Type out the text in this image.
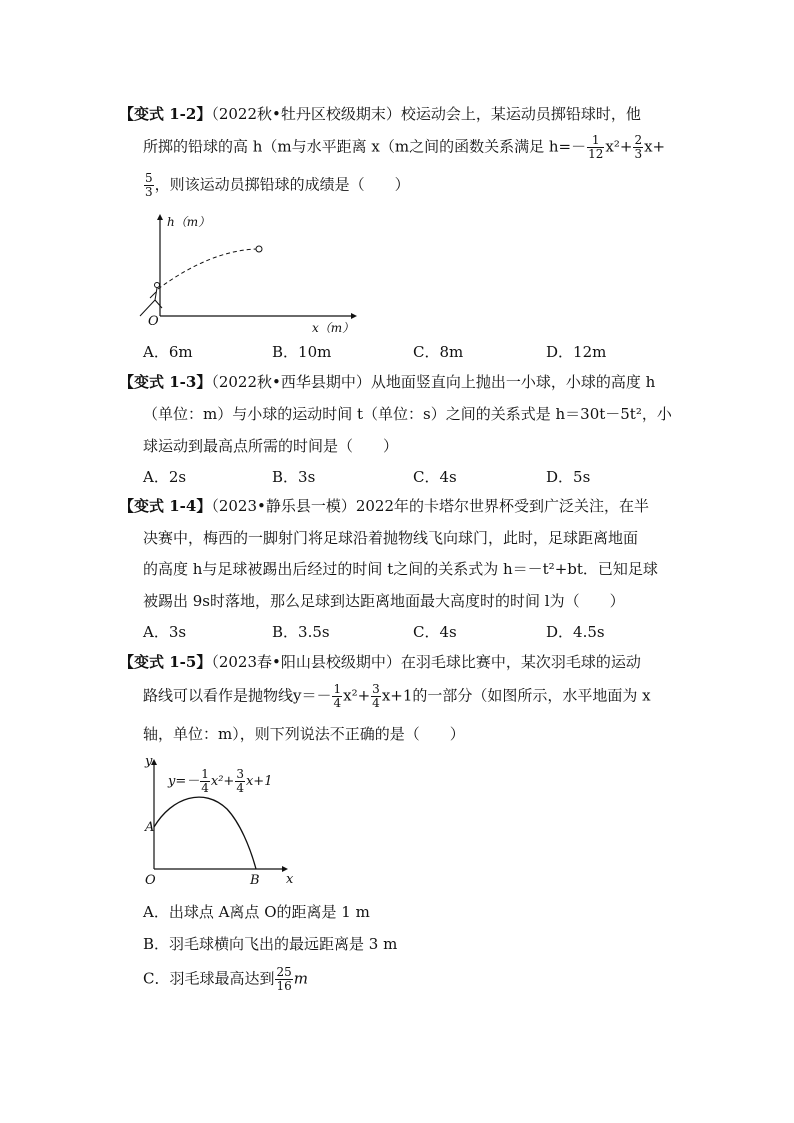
【变式 1-2】（2022秋•牡丹区校级期末）校运动会上，某运动员掷铅球时，他
所掷的铅球的高 h（m与水平距离 x（m之间的函数关系满足 $h=- \frac{1}{12} x^2+ \frac{2}{3} x+$
$\frac{5}{3}$ ，则该运动员掷铅球的成绩是（　　）
h（m）
x（m）
O
A．6m	B．10m	C．8m	D．12m
【变式 1-3】（2022秋•西华县期中）从地面竖直向上抛出一小球，小球的高度 h
（单位：m）与小球的运动时间 t（单位：s）之间的关系式是 h＝30t－5t²，小
球运动到最高点所需的时间是（　　）
A．2s	B．3s	C．4s	D．5s
【变式 1-4】（2023•静乐县一模）2022年的卡塔尔世界杯受到广泛关注，在半
决赛中，梅西的一脚射门将足球沿着抛物线飞向球门，此时，足球距离地面
的高度 h与足球被踢出后经过的时间 t之间的关系式为 h＝－t²+bt．已知足球
被踢出 9s时落地，那么足球到达距离地面最大高度时的时间 l为（　　）
A．3s	B．3.5s	C．4s	D．4.5s
【变式 1-5】（2023春•阳山县校级期中）在羽毛球比赛中，某次羽毛球的运动
路线可以看作是抛物线$y=- \frac{1}{4} x^2+ \frac{3}{4} x+1$的一部分（如图所示，水平地面为 x
轴，单位：m），则下列说法不正确的是（　　）
$y=- \frac{1}{4} x^2+ \frac{3}{4} x+1$
y
x
O
A
B
A．出球点 A离点 O的距离是 1 m
B．羽毛球横向飞出的最远距离是 3 m
C．羽毛球最高达到 $\frac{25}{16}$ m
